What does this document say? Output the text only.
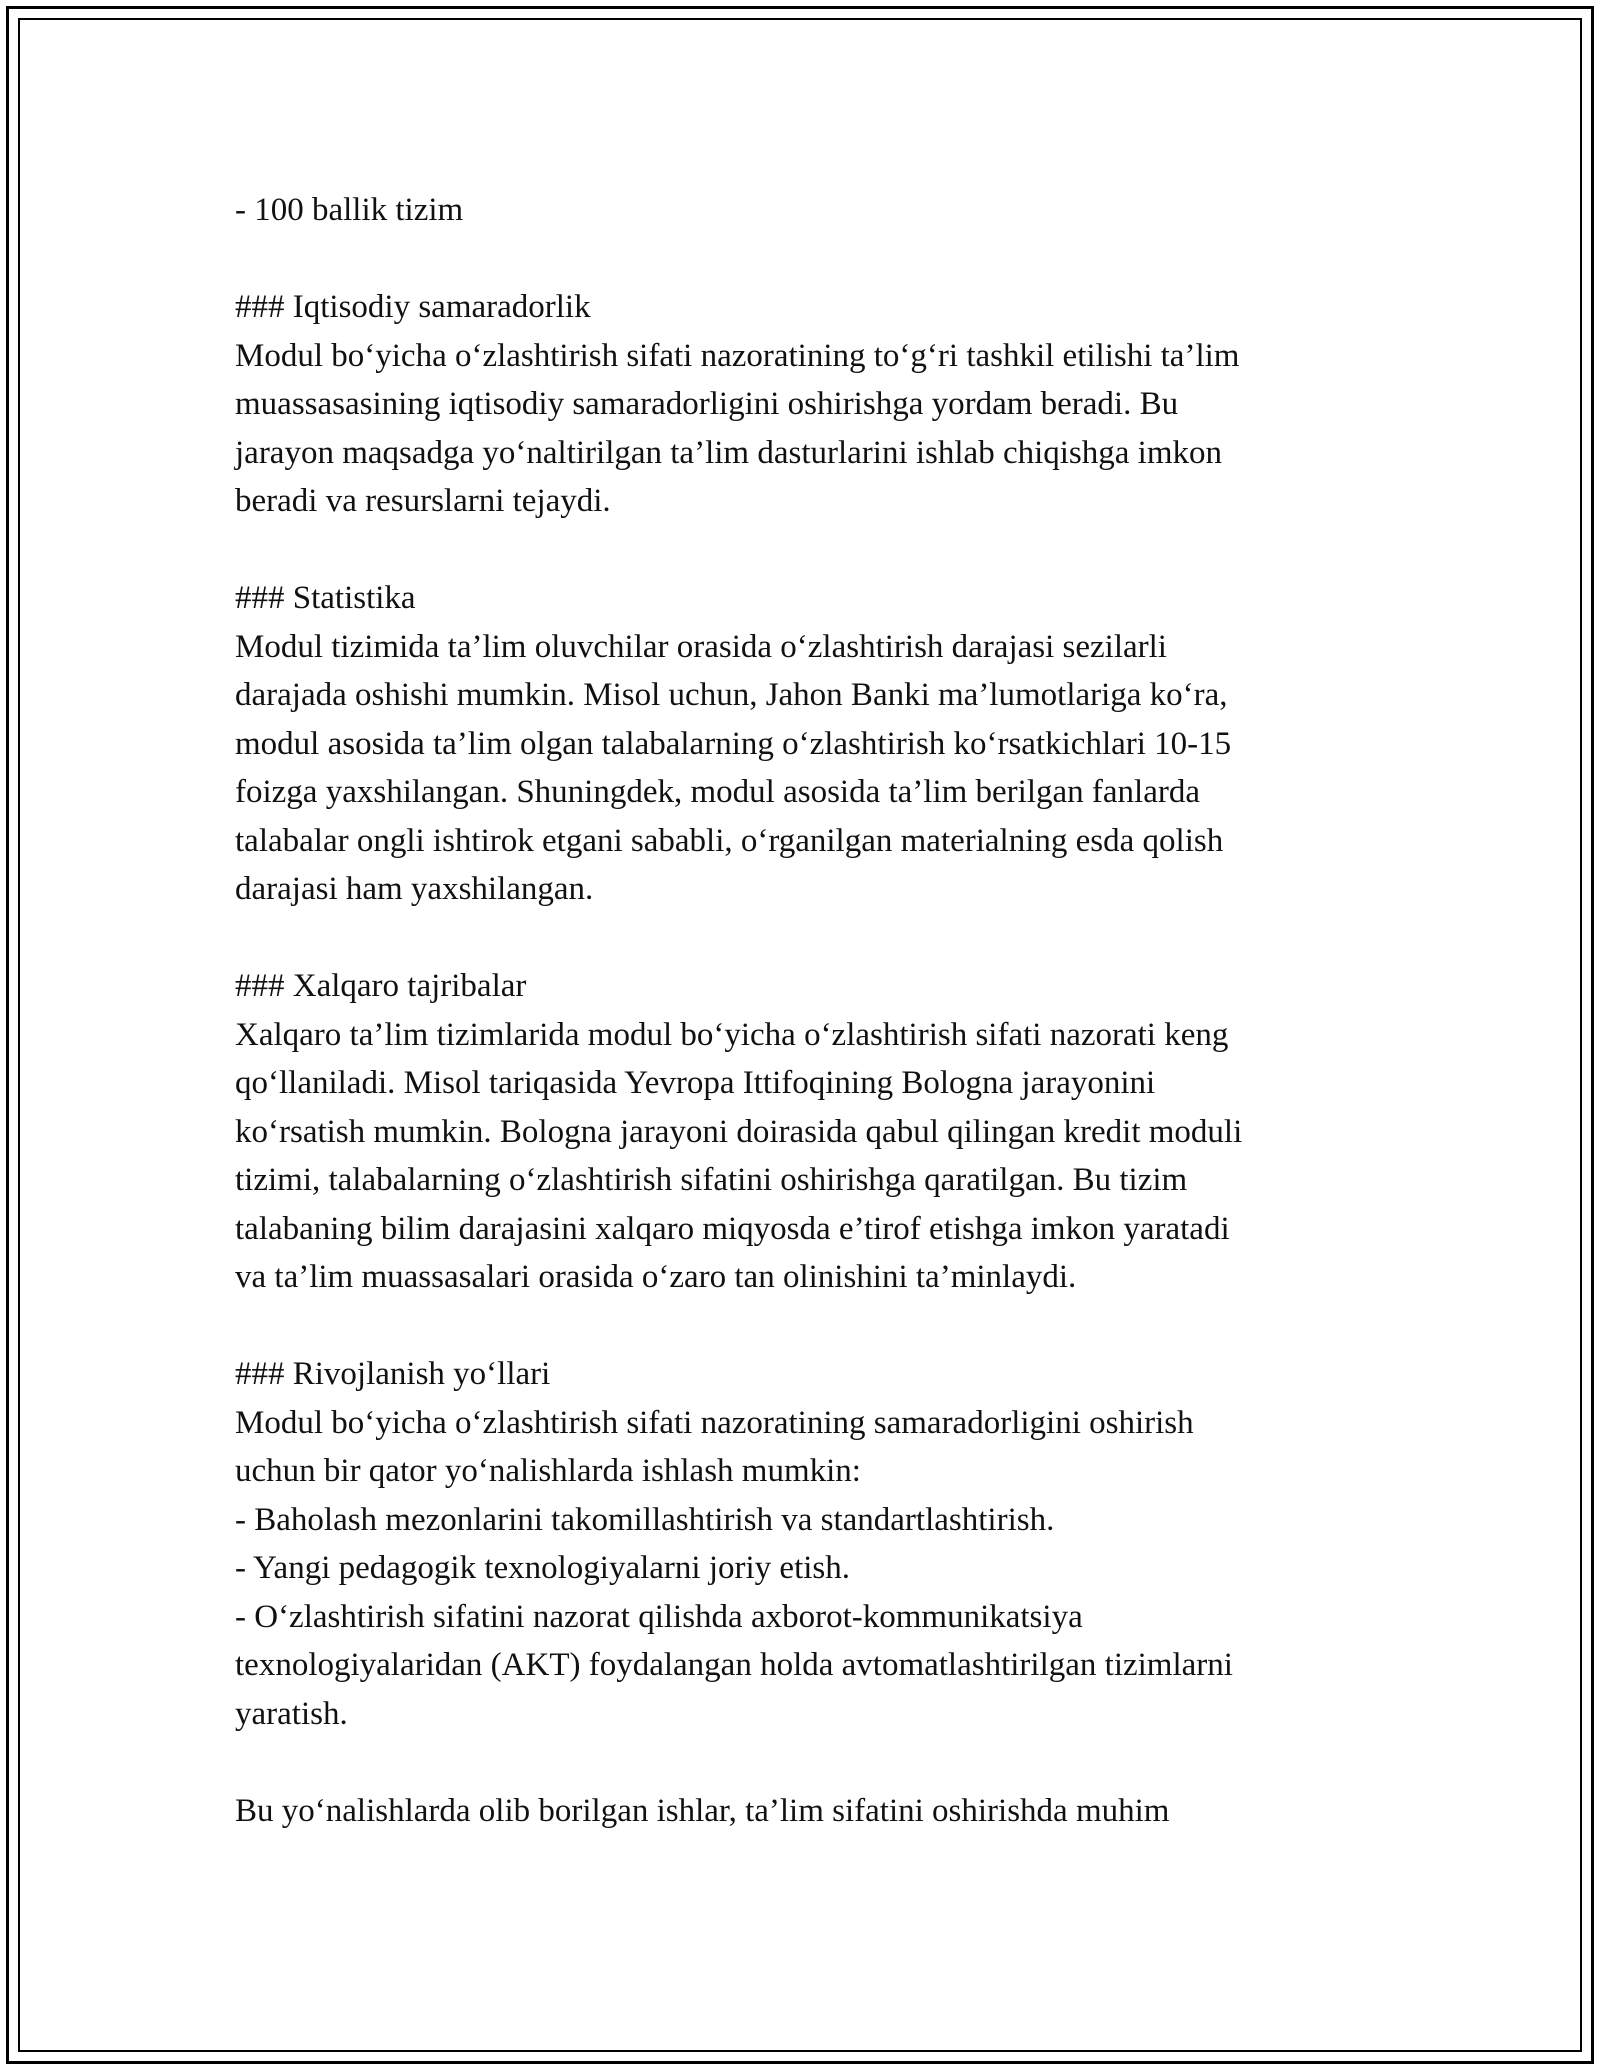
- 100 ballik tizim
### Iqtisodiy samaradorlik
Modul bo‘yicha o‘zlashtirish sifati nazoratining to‘g‘ri tashkil etilishi ta’lim
muassasasining iqtisodiy samaradorligini oshirishga yordam beradi. Bu
jarayon maqsadga yo‘naltirilgan ta’lim dasturlarini ishlab chiqishga imkon
beradi va resurslarni tejaydi.
### Statistika
Modul tizimida ta’lim oluvchilar orasida o‘zlashtirish darajasi sezilarli
darajada oshishi mumkin. Misol uchun, Jahon Banki ma’lumotlariga ko‘ra,
modul asosida ta’lim olgan talabalarning o‘zlashtirish ko‘rsatkichlari 10-15
foizga yaxshilangan. Shuningdek, modul asosida ta’lim berilgan fanlarda
talabalar ongli ishtirok etgani sababli, o‘rganilgan materialning esda qolish
darajasi ham yaxshilangan.
### Xalqaro tajribalar
Xalqaro ta’lim tizimlarida modul bo‘yicha o‘zlashtirish sifati nazorati keng
qo‘llaniladi. Misol tariqasida Yevropa Ittifoqining Bologna jarayonini
ko‘rsatish mumkin. Bologna jarayoni doirasida qabul qilingan kredit moduli
tizimi, talabalarning o‘zlashtirish sifatini oshirishga qaratilgan. Bu tizim
talabaning bilim darajasini xalqaro miqyosda e’tirof etishga imkon yaratadi
va ta’lim muassasalari orasida o‘zaro tan olinishini ta’minlaydi.
### Rivojlanish yo‘llari
Modul bo‘yicha o‘zlashtirish sifati nazoratining samaradorligini oshirish
uchun bir qator yo‘nalishlarda ishlash mumkin:
- Baholash mezonlarini takomillashtirish va standartlashtirish.
- Yangi pedagogik texnologiyalarni joriy etish.
- O‘zlashtirish sifatini nazorat qilishda axborot-kommunikatsiya
texnologiyalaridan (AKT) foydalangan holda avtomatlashtirilgan tizimlarni
yaratish.
Bu yo‘nalishlarda olib borilgan ishlar, ta’lim sifatini oshirishda muhim
